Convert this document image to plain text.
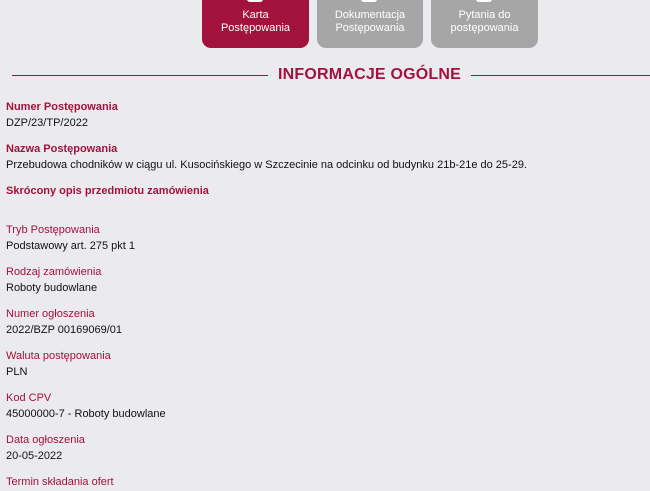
Karta
Postępowania
Dokumentacja
Postępowania
Pytania do
postępowania
INFORMACJE OGÓLNE
Numer Postępowania
DZP/23/TP/2022
Nazwa Postępowania
Przebudowa chodników w ciągu ul. Kusocińskiego w Szczecinie na odcinku od budynku 21b-21e do 25-29.
Skrócony opis przedmiotu zamówienia
Tryb Postępowania
Podstawowy art. 275 pkt 1
Rodzaj zamówienia
Roboty budowlane
Numer ogłoszenia
2022/BZP 00169069/01
Waluta postępowania
PLN
Kod CPV
45000000-7 - Roboty budowlane
Data ogłoszenia
20-05-2022
Termin składania ofert
